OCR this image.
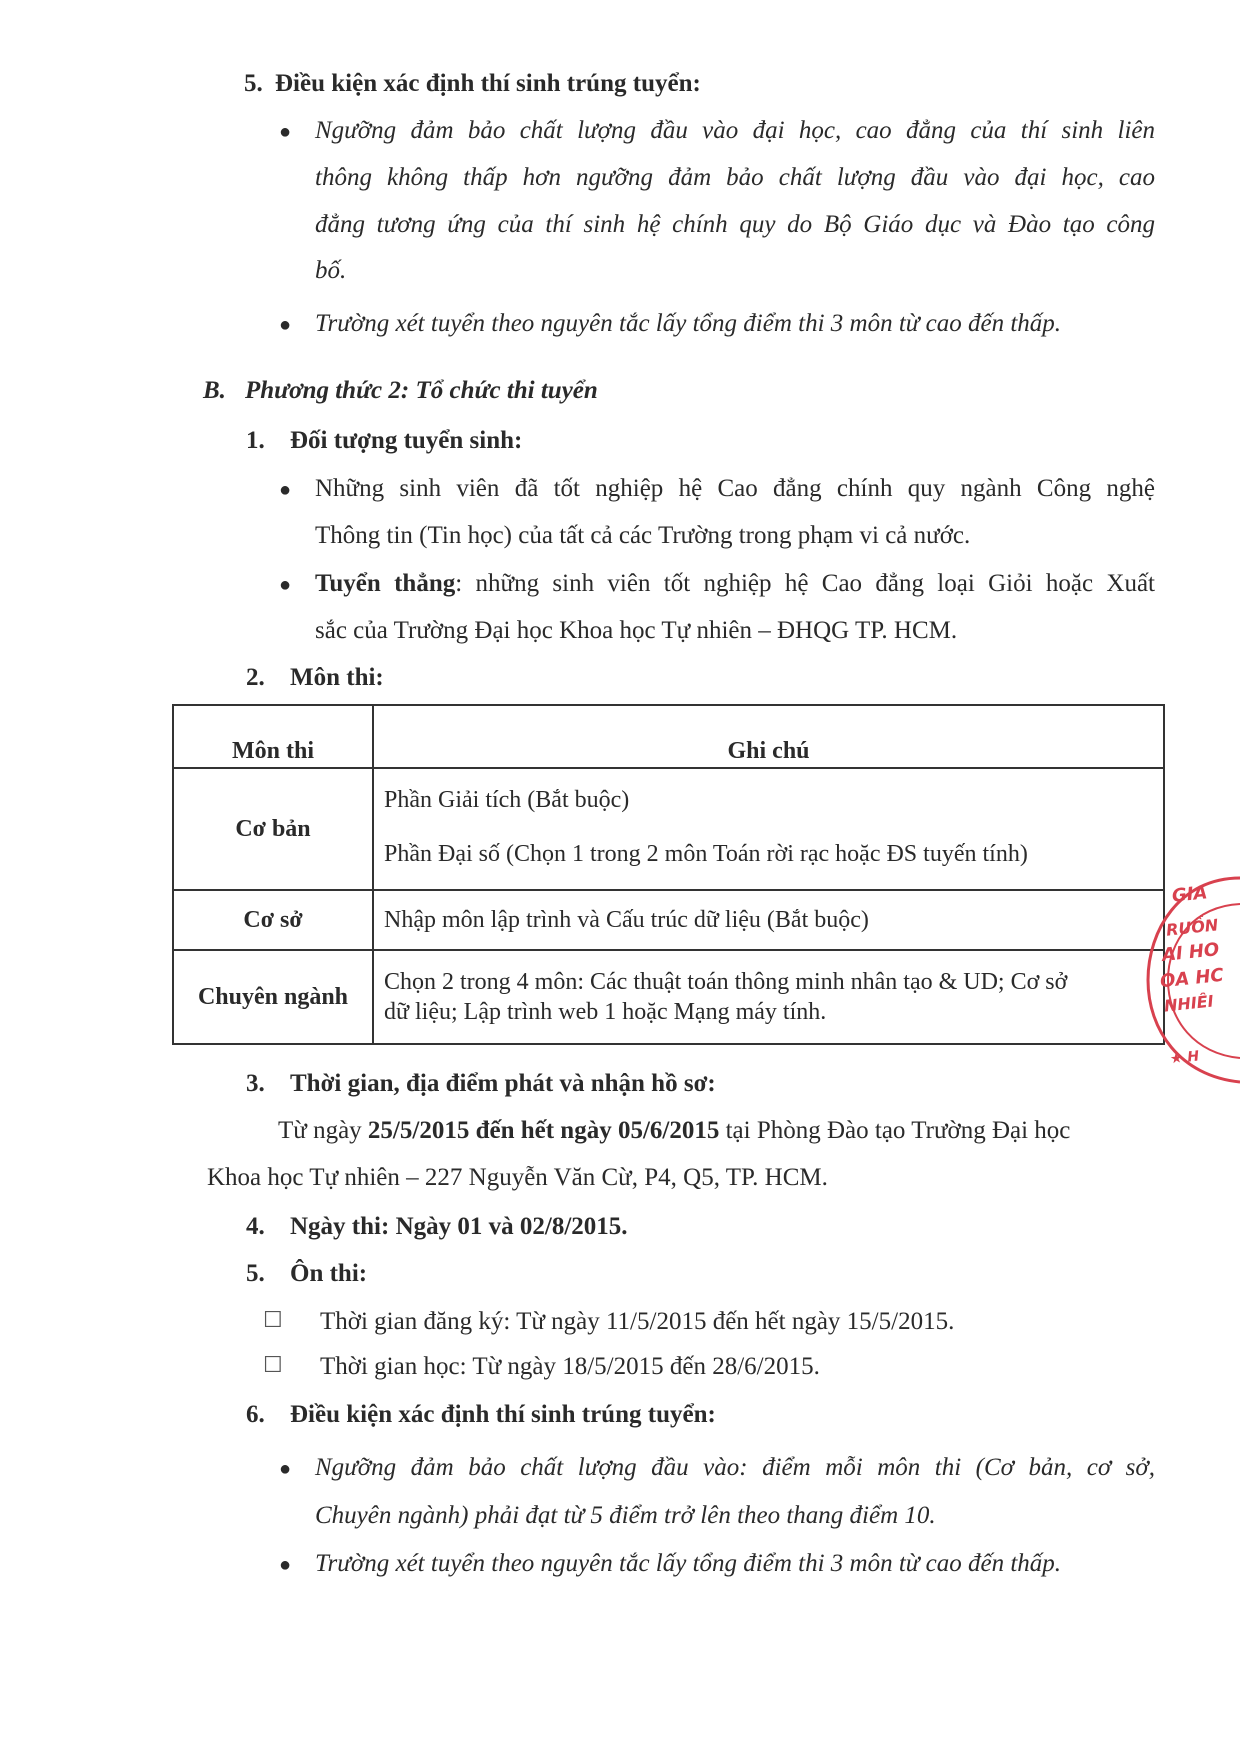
5. Điều kiện xác định thí sinh trúng tuyển:
● Ngưỡng đảm bảo chất lượng đầu vào đại học, cao đẳng của thí sinh liên
thông không thấp hơn ngưỡng đảm bảo chất lượng đầu vào đại học, cao
đẳng tương ứng của thí sinh hệ chính quy do Bộ Giáo dục và Đào tạo công
bố.
● Trường xét tuyển theo nguyên tắc lấy tổng điểm thi 3 môn từ cao đến thấp.
B. Phương thức 2: Tổ chức thi tuyển
1. Đối tượng tuyển sinh:
● Những sinh viên đã tốt nghiệp hệ Cao đẳng chính quy ngành Công nghệ
Thông tin (Tin học) của tất cả các Trường trong phạm vi cả nước.
● Tuyển thẳng: những sinh viên tốt nghiệp hệ Cao đẳng loại Giỏi hoặc Xuất
sắc của Trường Đại học Khoa học Tự nhiên – ĐHQG TP. HCM.
2. Môn thi:
Môn thi	Ghi chú
Cơ bản	Phần Giải tích (Bắt buộc)
Phần Đại số (Chọn 1 trong 2 môn Toán rời rạc hoặc ĐS tuyến tính)

Cơ sở	Nhập môn lập trình và Cấu trúc dữ liệu (Bắt buộc)
Chuyên ngành	Chọn 2 trong 4 môn: Các thuật toán thông minh nhân tạo & UD; Cơ sở
dữ liệu; Lập trình web 1 hoặc Mạng máy tính.
3. Thời gian, địa điểm phát và nhận hồ sơ:
Từ ngày 25/5/2015 đến hết ngày 05/6/2015 tại Phòng Đào tạo Trường Đại học
Khoa học Tự nhiên – 227 Nguyễn Văn Cừ, P4, Q5, TP. HCM.
4. Ngày thi: Ngày 01 và 02/8/2015.
5. Ôn thi:
☐ Thời gian đăng ký: Từ ngày 11/5/2015 đến hết ngày 15/5/2015.
☐ Thời gian học: Từ ngày 18/5/2015 đến 28/6/2015.
6. Điều kiện xác định thí sinh trúng tuyển:
● Ngưỡng đảm bảo chất lượng đầu vào: điểm mỗi môn thi (Cơ bản, cơ sở,
Chuyên ngành) phải đạt từ 5 điểm trở lên theo thang điểm 10.
● Trường xét tuyển theo nguyên tắc lấy tổng điểm thi 3 môn từ cao đến thấp.
GIA
RUỒN
AI HO
OA HC
NHIÊI
★ H
